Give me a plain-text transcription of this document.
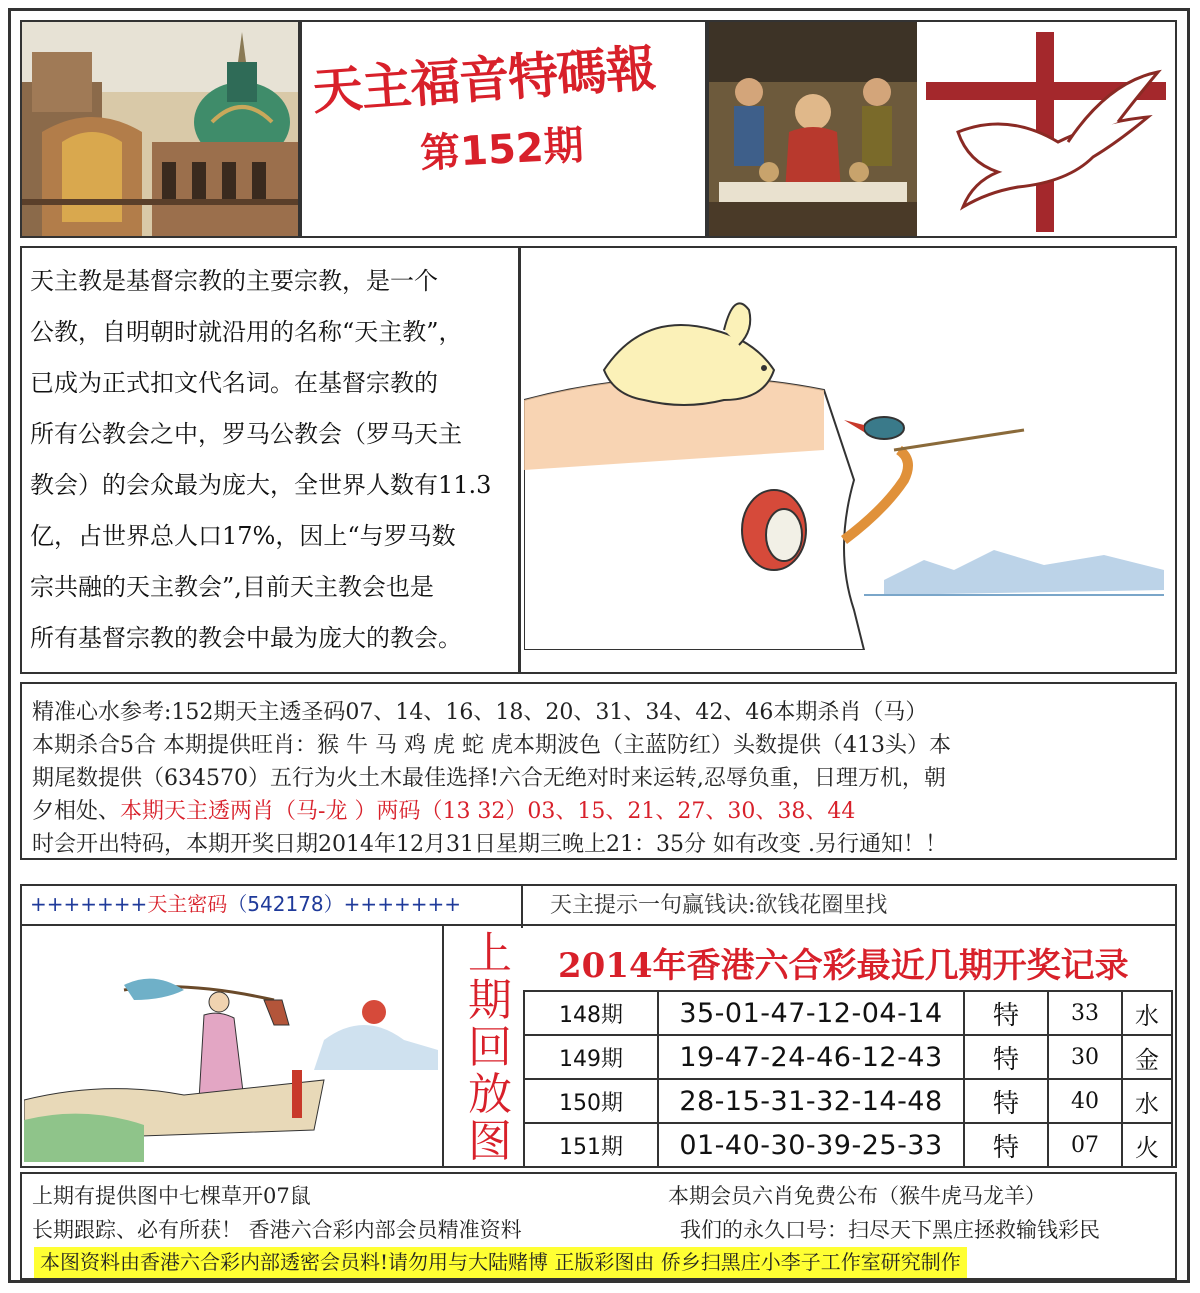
天主福音特碼報
第152期

天主教是基督宗教的主要宗教，是一个

公教，自明朝时就沿用的名称“天主教”，

已成为正式扣文代名词。在基督宗教的

所有公教会之中，罗马公教会（罗马天主

教会）的会众最为庞大，全世界人数有11.3

亿，占世界总人口17%，因上“与罗马数

宗共融的天主教会”,目前天主教会也是

所有基督宗教的教会中最为庞大的教会。

精准心水参考:152期天主透圣码07、14、16、18、20、31、34、42、46本期杀肖（马）

本期杀合5合 本期提供旺肖：猴 牛 马 鸡 虎 蛇 虎本期波色（主蓝防红）头数提供（413头）本

期尾数提供（634570）五行为火土木最佳选择!六合无绝对时来运转,忍辱负重，日理万机，朝

夕相处、本期天主透两肖（马-龙 ）两码（13 32）03、15、21、27、30、38、44

时会开出特码，本期开奖日期2014年12月31日星期三晚上21：35分 如有改变 .另行通知！！

+++++++天主密码（542178）+++++++	天主提示一句赢钱诀:欲钱花圈里找
上
期
回
放
图
2014年香港六合彩最近几期开奖记录
148期	35-01-47-12-04-14	特	33	水
149期	19-47-24-46-12-43	特	30	金
150期	28-15-31-32-14-48	特	40	水
151期	01-40-30-39-25-33	特	07	火
上期有提供图中七棵草开07鼠	本期会员六肖免费公布（猴牛虎马龙羊）
长期跟踪、必有所获！ 香港六合彩内部会员精准资料	我们的永久口号：扫尽天下黑庄拯救输钱彩民
本图资料由香港六合彩内部透密会员料!请勿用与大陆赌博 正版彩图由 侨乡扫黑庄小李子工作室研究制作
